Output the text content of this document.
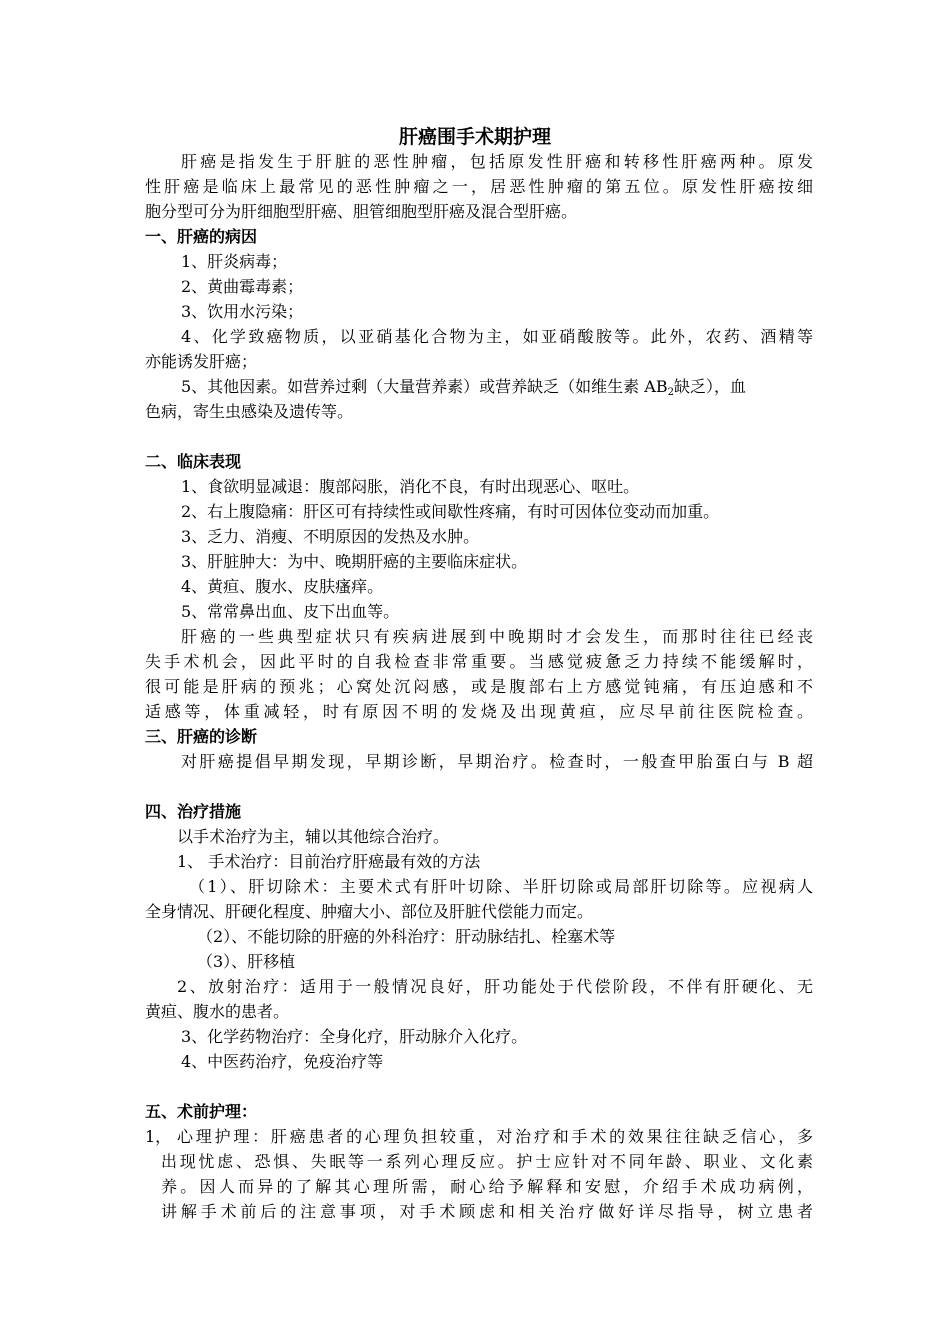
肝癌围手术期护理
肝癌是指发生于肝脏的恶性肿瘤，包括原发性肝癌和转移性肝癌两种。原发
性肝癌是临床上最常见的恶性肿瘤之一，居恶性肿瘤的第五位。原发性肝癌按细
胞分型可分为肝细胞型肝癌、胆管细胞型肝癌及混合型肝癌。
一、肝癌的病因
1、肝炎病毒；
2、黄曲霉毒素；
3、饮用水污染；
4、化学致癌物质，以亚硝基化合物为主，如亚硝酸胺等。此外，农药、酒精等
亦能诱发肝癌；
5、其他因素。如营养过剩（大量营养素）或营养缺乏（如维生素 $AB_2$缺乏），血
色病，寄生虫感染及遗传等。
二、临床表现
1、食欲明显减退：腹部闷胀，消化不良，有时出现恶心、呕吐。
2、右上腹隐痛：肝区可有持续性或间歇性疼痛，有时可因体位变动而加重。
3、乏力、消瘦、不明原因的发热及水肿。
3、肝脏肿大：为中、晚期肝癌的主要临床症状。
4、黄疸、腹水、皮肤瘙痒。
5、常常鼻出血、皮下出血等。
肝癌的一些典型症状只有疾病进展到中晚期时才会发生，而那时往往已经丧
失手术机会，因此平时的自我检查非常重要。当感觉疲惫乏力持续不能缓解时，
很可能是肝病的预兆；心窝处沉闷感，或是腹部右上方感觉钝痛，有压迫感和不
适感等，体重减轻，时有原因不明的发烧及出现黄疸，应尽早前往医院检查。
三、肝癌的诊断
对肝癌提倡早期发现，早期诊断，早期治疗。检查时，一般查甲胎蛋白与 B 超
四、治疗措施
以手术治疗为主，辅以其他综合治疗。
1、 手术治疗：目前治疗肝癌最有效的方法
（1）、肝切除术：主要术式有肝叶切除、半肝切除或局部肝切除等。应视病人
全身情况、肝硬化程度、肿瘤大小、部位及肝脏代偿能力而定。
（2）、不能切除的肝癌的外科治疗：肝动脉结扎、栓塞术等
（3）、肝移植
2、放射治疗：适用于一般情况良好，肝功能处于代偿阶段，不伴有肝硬化、无
黄疸、腹水的患者。
3、化学药物治疗：全身化疗，肝动脉介入化疗。
4、中医药治疗，免疫治疗等
五、术前护理：
1， 心理护理：肝癌患者的心理负担较重，对治疗和手术的效果往往缺乏信心，多
出现忧虑、恐惧、失眠等一系列心理反应。护士应针对不同年龄、职业、文化素
养。因人而异的了解其心理所需，耐心给予解释和安慰，介绍手术成功病例，
讲解手术前后的注意事项，对手术顾虑和相关治疗做好详尽指导，树立患者
